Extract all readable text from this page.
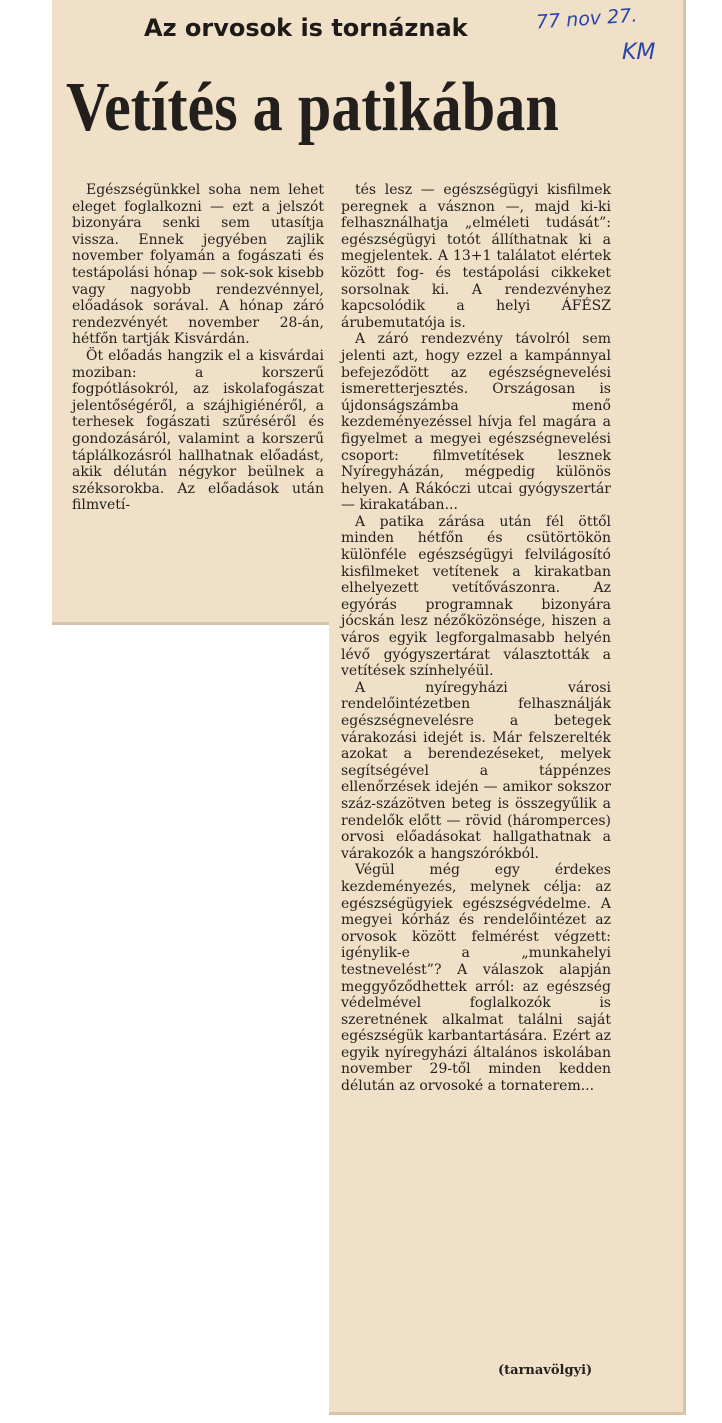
77 nov 27.
KM
Az orvosok is tornáznak
Vetítés a patikában

Egészségünkkel soha nem lehet eleget foglalkozni — ezt a jelszót bizonyára senki sem utasítja vissza. Ennek jegyében zajlik november folyamán a fogászati és testápolási hónap — sok-sok kisebb vagy nagyobb rendezvénnyel, előadások sorával. A hónap záró rendezvényét november 28-án, hétfőn tartják Kisvárdán.

Öt előadás hangzik el a kisvárdai moziban: a korszerű fogpótlásokról, az iskolafogászat jelentőségéről, a szájhigiénéről, a terhesek fogászati szűréséről és gondozásáról, valamint a korszerű táplálkozásról hallhatnak előadást, akik délután négykor beülnek a széksorokba. Az előadások után filmvetí-

tés lesz — egészségügyi kisfilmek peregnek a vásznon —, majd ki-ki felhasználhatja „elméleti tudását”: egészségügyi totót állíthatnak ki a megjelentek. A 13+1 találatot elértek között fog- és testápolási cikkeket sorsolnak ki. A rendezvényhez kapcsolódik a helyi ÁFÉSZ árubemutatója is.

A záró rendezvény távolról sem jelenti azt, hogy ezzel a kampánnyal befejeződött az egészségnevelési ismeretterjesztés. Országosan is újdonságszámba menő kezdeményezéssel hívja fel magára a figyelmet a megyei egészségnevelési csoport: filmvetítések lesznek Nyíregyházán, mégpedig különös helyen. A Rákóczi utcai gyógyszertár — kirakatában...

A patika zárása után fél öttől minden hétfőn és csütörtökön különféle egészségügyi felvilágosító kisfilmeket vetítenek a kirakatban elhelyezett vetítővászonra. Az egyórás programnak bizonyára jócskán lesz nézőközönsége, hiszen a város egyik legforgalmasabb helyén lévő gyógyszertárat választották a vetítések színhelyéül.

A nyíregyházi városi rendelőintézetben felhasználják egészségnevelésre a betegek várakozási idejét is. Már felszerelték azokat a berendezéseket, melyek segítségével a táppénzes ellenőrzések idején — amikor sokszor száz-százötven beteg is összegyűlik a rendelők előtt — rövid (háromperces) orvosi előadásokat hallgathatnak a várakozók a hangszórókból.

Végül még egy érdekes kezdeményezés, melynek célja: az egészségügyiek egészségvédelme. A megyei kórház és rendelőintézet az orvosok között felmérést végzett: igénylik-e a „munkahelyi testnevelést”? A válaszok alapján meggyőződhettek arról: az egészség védelmével foglalkozók is szeretnének alkalmat találni saját egészségük karbantartására. Ezért az egyik nyíregyházi általános iskolában november 29-től minden kedden délután az orvosoké a tornaterem...

(tarnavölgyi)
